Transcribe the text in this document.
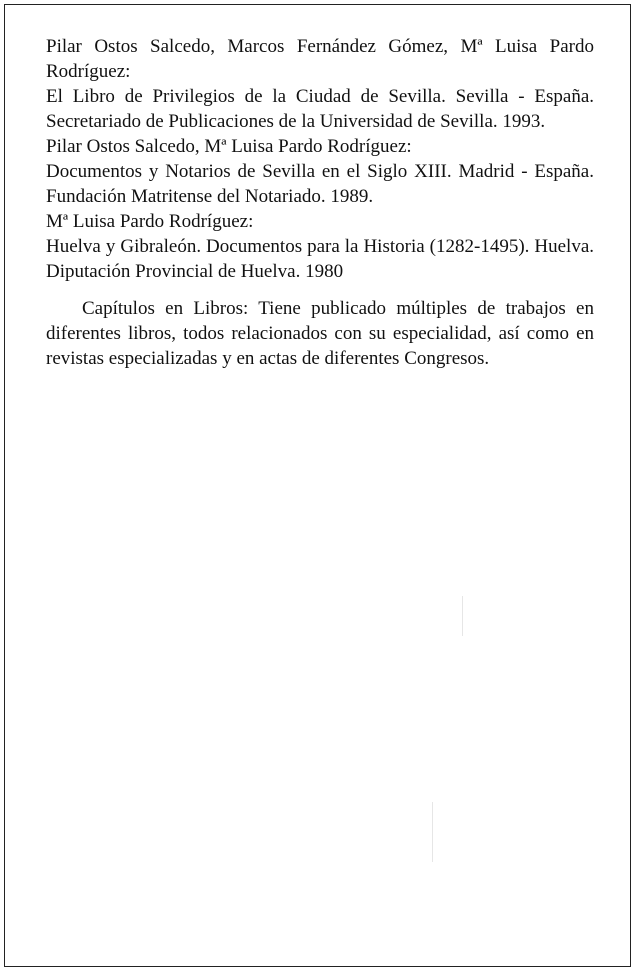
Pilar Ostos Salcedo, Marcos Fernández Gómez, Mª Luisa Pardo Rodríguez:

El Libro de Privilegios de la Ciudad de Sevilla. Sevilla - España. Secretariado de Publicaciones de la Universidad de Sevilla. 1993.

Pilar Ostos Salcedo, Mª Luisa Pardo Rodríguez:

Documentos y Notarios de Sevilla en el Siglo XIII. Madrid - España. Fundación Matritense del Notariado. 1989.

Mª Luisa Pardo Rodríguez:

Huelva y Gibraleón. Documentos para la Historia (1282-1495). Huelva. Diputación Provincial de Huelva. 1980

Capítulos en Libros: Tiene publicado múltiples de trabajos en diferentes libros, todos relacionados con su especialidad, así como en revistas especializadas y en actas de diferentes Congresos.
